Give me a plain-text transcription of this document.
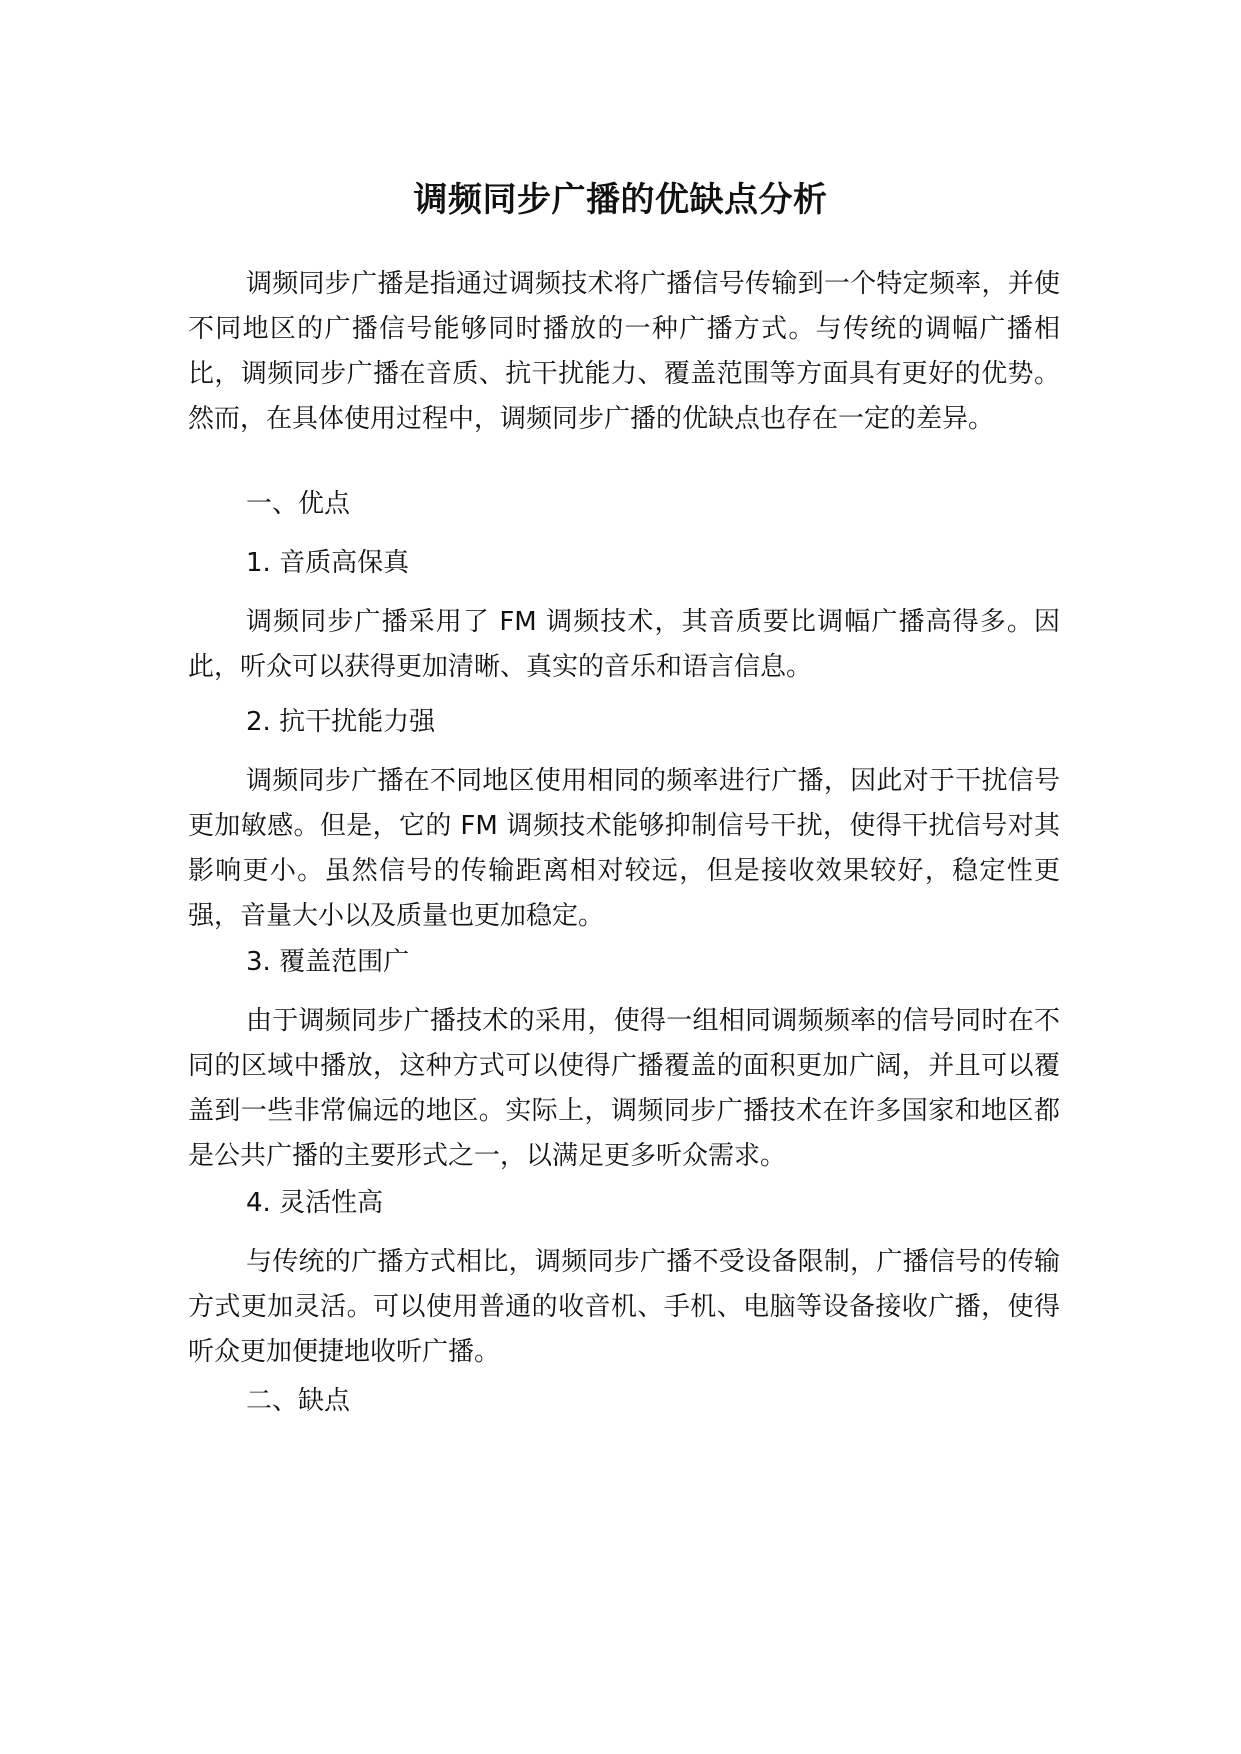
调频同步广播的优缺点分析

调频同步广播是指通过调频技术将广播信号传输到一个特定频率，并使不同地区的广播信号能够同时播放的一种广播方式。与传统的调幅广播相比，调频同步广播在音质、抗干扰能力、覆盖范围等方面具有更好的优势。然而，在具体使用过程中，调频同步广播的优缺点也存在一定的差异。

一、优点

1. 音质高保真

调频同步广播采用了 FM 调频技术，其音质要比调幅广播高得多。因此，听众可以获得更加清晰、真实的音乐和语言信息。

2. 抗干扰能力强

调频同步广播在不同地区使用相同的频率进行广播，因此对于干扰信号更加敏感。但是，它的 FM 调频技术能够抑制信号干扰，使得干扰信号对其影响更小。虽然信号的传输距离相对较远，但是接收效果较好，稳定性更强，音量大小以及质量也更加稳定。

3. 覆盖范围广

由于调频同步广播技术的采用，使得一组相同调频频率的信号同时在不同的区域中播放，这种方式可以使得广播覆盖的面积更加广阔，并且可以覆盖到一些非常偏远的地区。实际上，调频同步广播技术在许多国家和地区都是公共广播的主要形式之一，以满足更多听众需求。

4. 灵活性高

与传统的广播方式相比，调频同步广播不受设备限制，广播信号的传输方式更加灵活。可以使用普通的收音机、手机、电脑等设备接收广播，使得听众更加便捷地收听广播。

二、缺点
